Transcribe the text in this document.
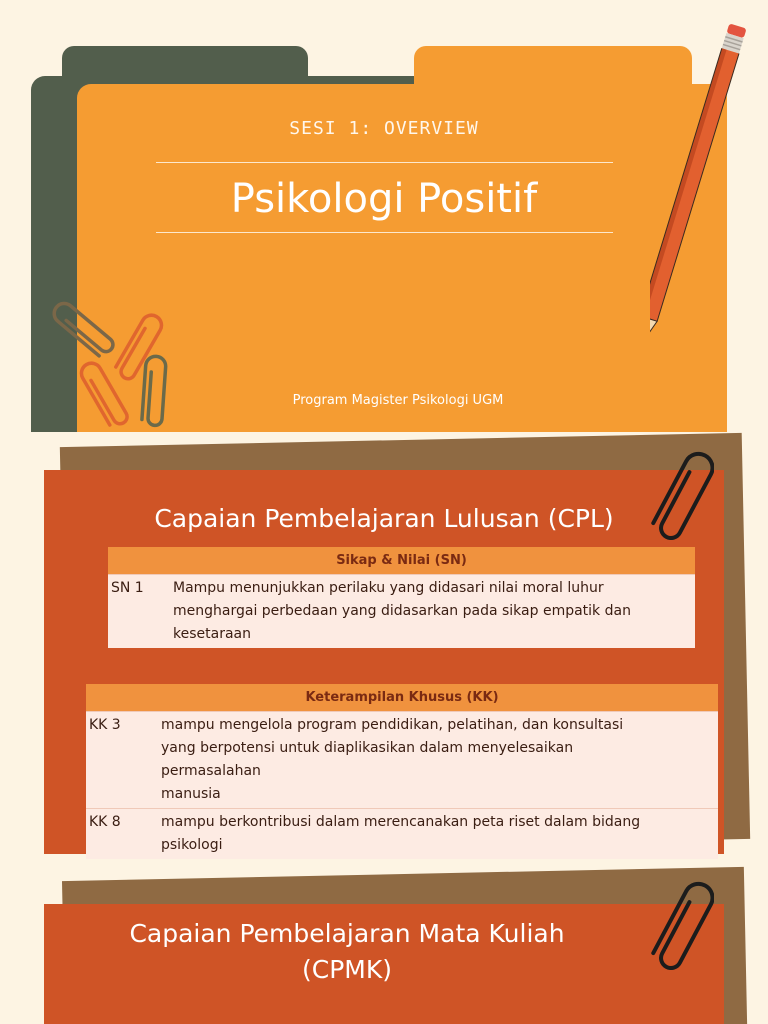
SESI 1: OVERVIEW
Psikologi Positif
Program Magister Psikologi UGM
Capaian Pembelajaran Lulusan (CPL)
Sikap & Nilai (SN)
SN 1	Mampu menunjukkan perilaku yang didasari nilai moral luhur
menghargai perbedaan yang didasarkan pada sikap empatik dan
kesetaraan
Keterampilan Khusus (KK)	
KK 3	mampu mengelola program pendidikan, pelatihan, dan konsultasi
yang berpotensi untuk diaplikasikan dalam menyelesaikan
permasalahan
manusia

KK 8	mampu berkontribusi dalam merencanakan peta riset dalam bidang
psikologi
Capaian Pembelajaran Mata Kuliah
(CPMK)
